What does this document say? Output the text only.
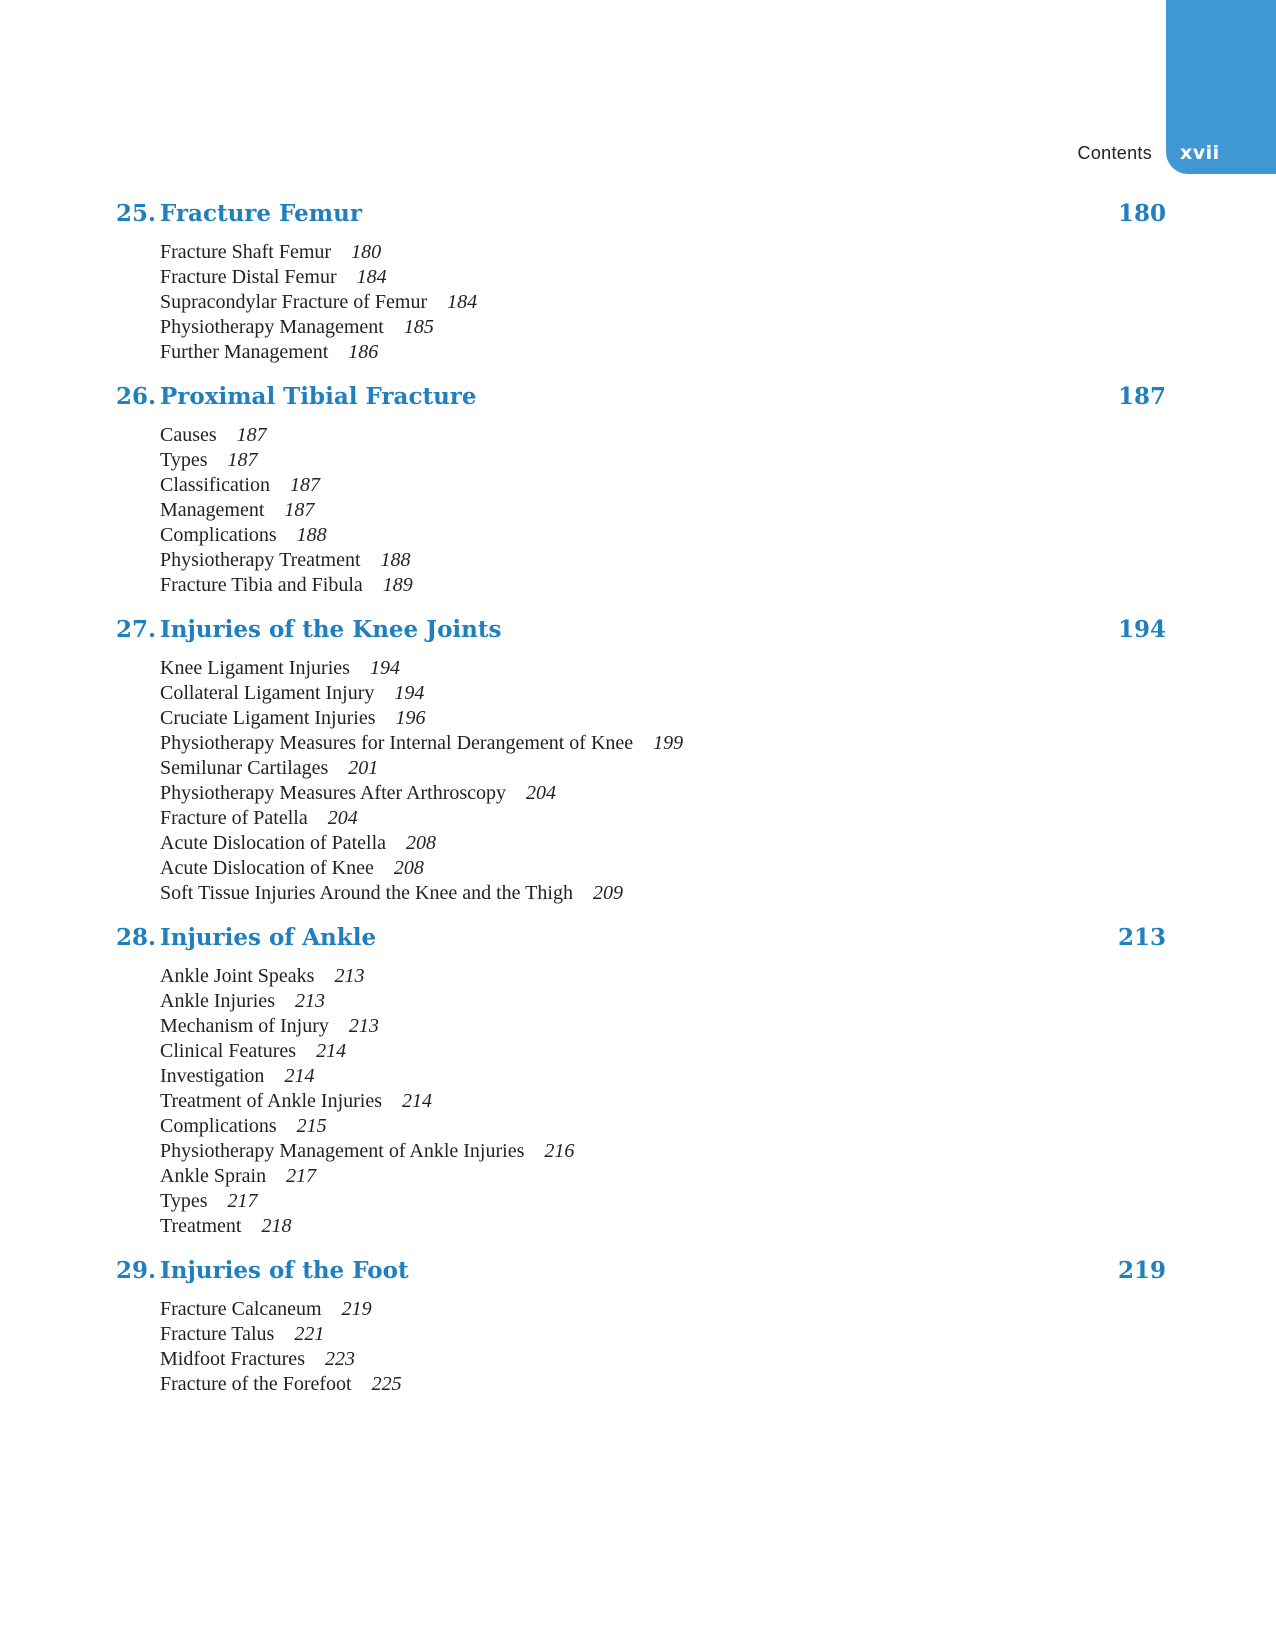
Contents xvii
25. Fracture Femur	180
Fracture Shaft Femur 180
Fracture Distal Femur 184
Supracondylar Fracture of Femur 184
Physiotherapy Management 185
Further Management 186
26. Proximal Tibial Fracture	187
Causes 187
Types 187
Classification 187
Management 187
Complications 188
Physiotherapy Treatment 188
Fracture Tibia and Fibula 189
27. Injuries of the Knee Joints	194
Knee Ligament Injuries 194
Collateral Ligament Injury 194
Cruciate Ligament Injuries 196
Physiotherapy Measures for Internal Derangement of Knee 199
Semilunar Cartilages 201
Physiotherapy Measures After Arthroscopy 204
Fracture of Patella 204
Acute Dislocation of Patella 208
Acute Dislocation of Knee 208
Soft Tissue Injuries Around the Knee and the Thigh 209
28. Injuries of Ankle	213
Ankle Joint Speaks 213
Ankle Injuries 213
Mechanism of Injury 213
Clinical Features 214
Investigation 214
Treatment of Ankle Injuries 214
Complications 215
Physiotherapy Management of Ankle Injuries 216
Ankle Sprain 217
Types 217
Treatment 218
29. Injuries of the Foot	219
Fracture Calcaneum 219
Fracture Talus 221
Midfoot Fractures 223
Fracture of the Forefoot 225
